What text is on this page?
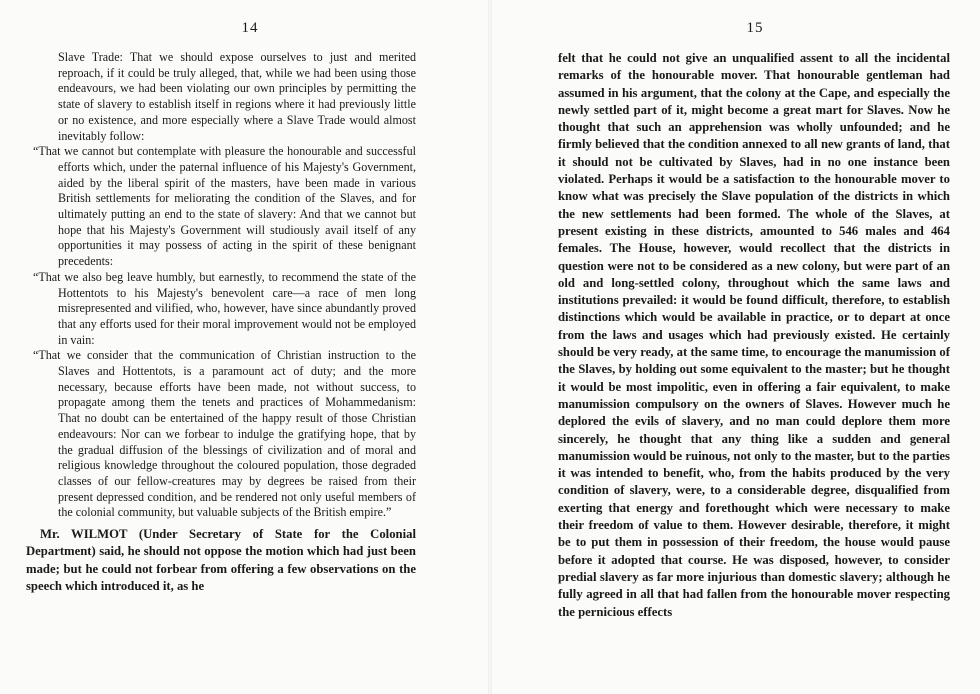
14

Slave Trade: That we should expose ourselves to just and merited reproach, if it could be truly alleged, that, while we had been using those endeavours, we had been violating our own principles by permitting the state of slavery to establish itself in regions where it had previously little or no existence, and more especially where a Slave Trade would almost inevitably follow:

“That we cannot but contemplate with pleasure the honourable and successful efforts which, under the paternal influence of his Majesty's Government, aided by the liberal spirit of the masters, have been made in various British settlements for meliorating the condition of the Slaves, and for ultimately putting an end to the state of slavery: And that we cannot but hope that his Majesty's Government will studiously avail itself of any opportunities it may possess of acting in the spirit of these benignant precedents:

“That we also beg leave humbly, but earnestly, to recommend the state of the Hottentots to his Majesty's benevolent care—a race of men long misrepresented and vilified, who, however, have since abundantly proved that any efforts used for their moral improvement would not be employed in vain:

“That we consider that the communication of Christian instruction to the Slaves and Hottentots, is a paramount act of duty; and the more necessary, because efforts have been made, not without success, to propagate among them the tenets and practices of Mohammedanism: That no doubt can be entertained of the happy result of those Christian endeavours: Nor can we forbear to indulge the gratifying hope, that by the gradual diffusion of the blessings of civilization and of moral and religious knowledge throughout the coloured population, those degraded classes of our fellow-creatures may by degrees be raised from their present depressed condition, and be rendered not only useful members of the colonial community, but valuable subjects of the British empire.”

Mr. WILMOT (Under Secretary of State for the Colonial Department) said, he should not oppose the motion which had just been made; but he could not forbear from offering a few observations on the speech which introduced it, as he

15

felt that he could not give an unqualified assent to all the incidental remarks of the honourable mover. That honourable gentleman had assumed in his argument, that the colony at the Cape, and especially the newly settled part of it, might become a great mart for Slaves. Now he thought that such an apprehension was wholly unfounded; and he firmly believed that the condition annexed to all new grants of land, that it should not be cultivated by Slaves, had in no one instance been violated. Perhaps it would be a satisfaction to the honourable mover to know what was precisely the Slave population of the districts in which the new settlements had been formed. The whole of the Slaves, at present existing in these districts, amounted to 546 males and 464 females. The House, however, would recollect that the districts in question were not to be considered as a new colony, but were part of an old and long-settled colony, throughout which the same laws and institutions prevailed: it would be found difficult, therefore, to establish distinctions which would be available in practice, or to depart at once from the laws and usages which had previously existed. He certainly should be very ready, at the same time, to encourage the manumission of the Slaves, by holding out some equivalent to the master; but he thought it would be most impolitic, even in offering a fair equivalent, to make manumission compulsory on the owners of Slaves. However much he deplored the evils of slavery, and no man could deplore them more sincerely, he thought that any thing like a sudden and general manumission would be ruinous, not only to the master, but to the parties it was intended to benefit, who, from the habits produced by the very condition of slavery, were, to a considerable degree, disqualified from exerting that energy and forethought which were necessary to make their freedom of value to them. However desirable, therefore, it might be to put them in possession of their freedom, the house would pause before it adopted that course. He was disposed, however, to consider predial slavery as far more injurious than domestic slavery; although he fully agreed in all that had fallen from the honourable mover respecting the pernicious effects
